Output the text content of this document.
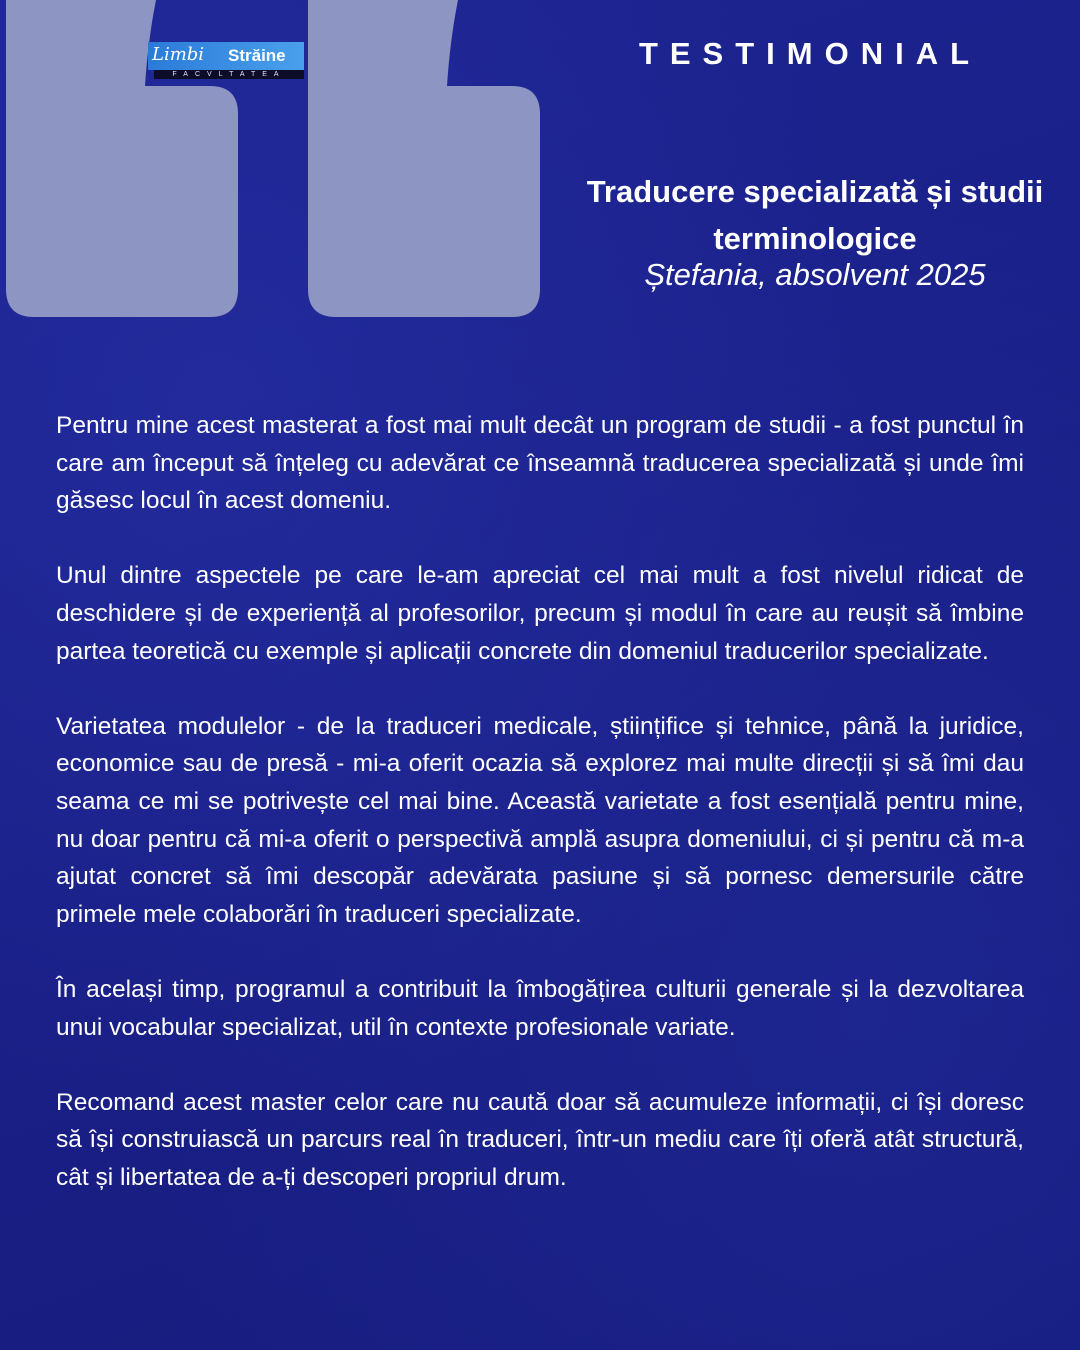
Limbi Străine
FACVLTATEA
TESTIMONIAL
Traducere specializată și studii terminologice
Ștefania, absolvent 2025

Pentru mine acest masterat a fost mai mult decât un program de studii - a fost punctul în care am început să înțeleg cu adevărat ce înseamnă traducerea specializată și unde îmi găsesc locul în acest domeniu.

Unul dintre aspectele pe care le-am apreciat cel mai mult a fost nivelul ridicat de deschidere și de experiență al profesorilor, precum și modul în care au reușit să îmbine partea teoretică cu exemple și aplicații concrete din domeniul traducerilor specializate.

Varietatea modulelor - de la traduceri medicale, științifice și tehnice, până la juridice, economice sau de presă - mi-a oferit ocazia să explorez mai multe direcții și să îmi dau seama ce mi se potrivește cel mai bine. Această varietate a fost esențială pentru mine, nu doar pentru că mi-a oferit o perspectivă amplă asupra domeniului, ci și pentru că m-a ajutat concret să îmi descopăr adevărata pasiune și să pornesc demersurile către primele mele colaborări în traduceri specializate.

În același timp, programul a contribuit la îmbogățirea culturii generale și la dezvoltarea unui vocabular specializat, util în contexte profesionale variate.

Recomand acest master celor care nu caută doar să acumuleze informații, ci își doresc să își construiască un parcurs real în traduceri, într-un mediu care îți oferă atât structură, cât și libertatea de a-ți descoperi propriul drum.
